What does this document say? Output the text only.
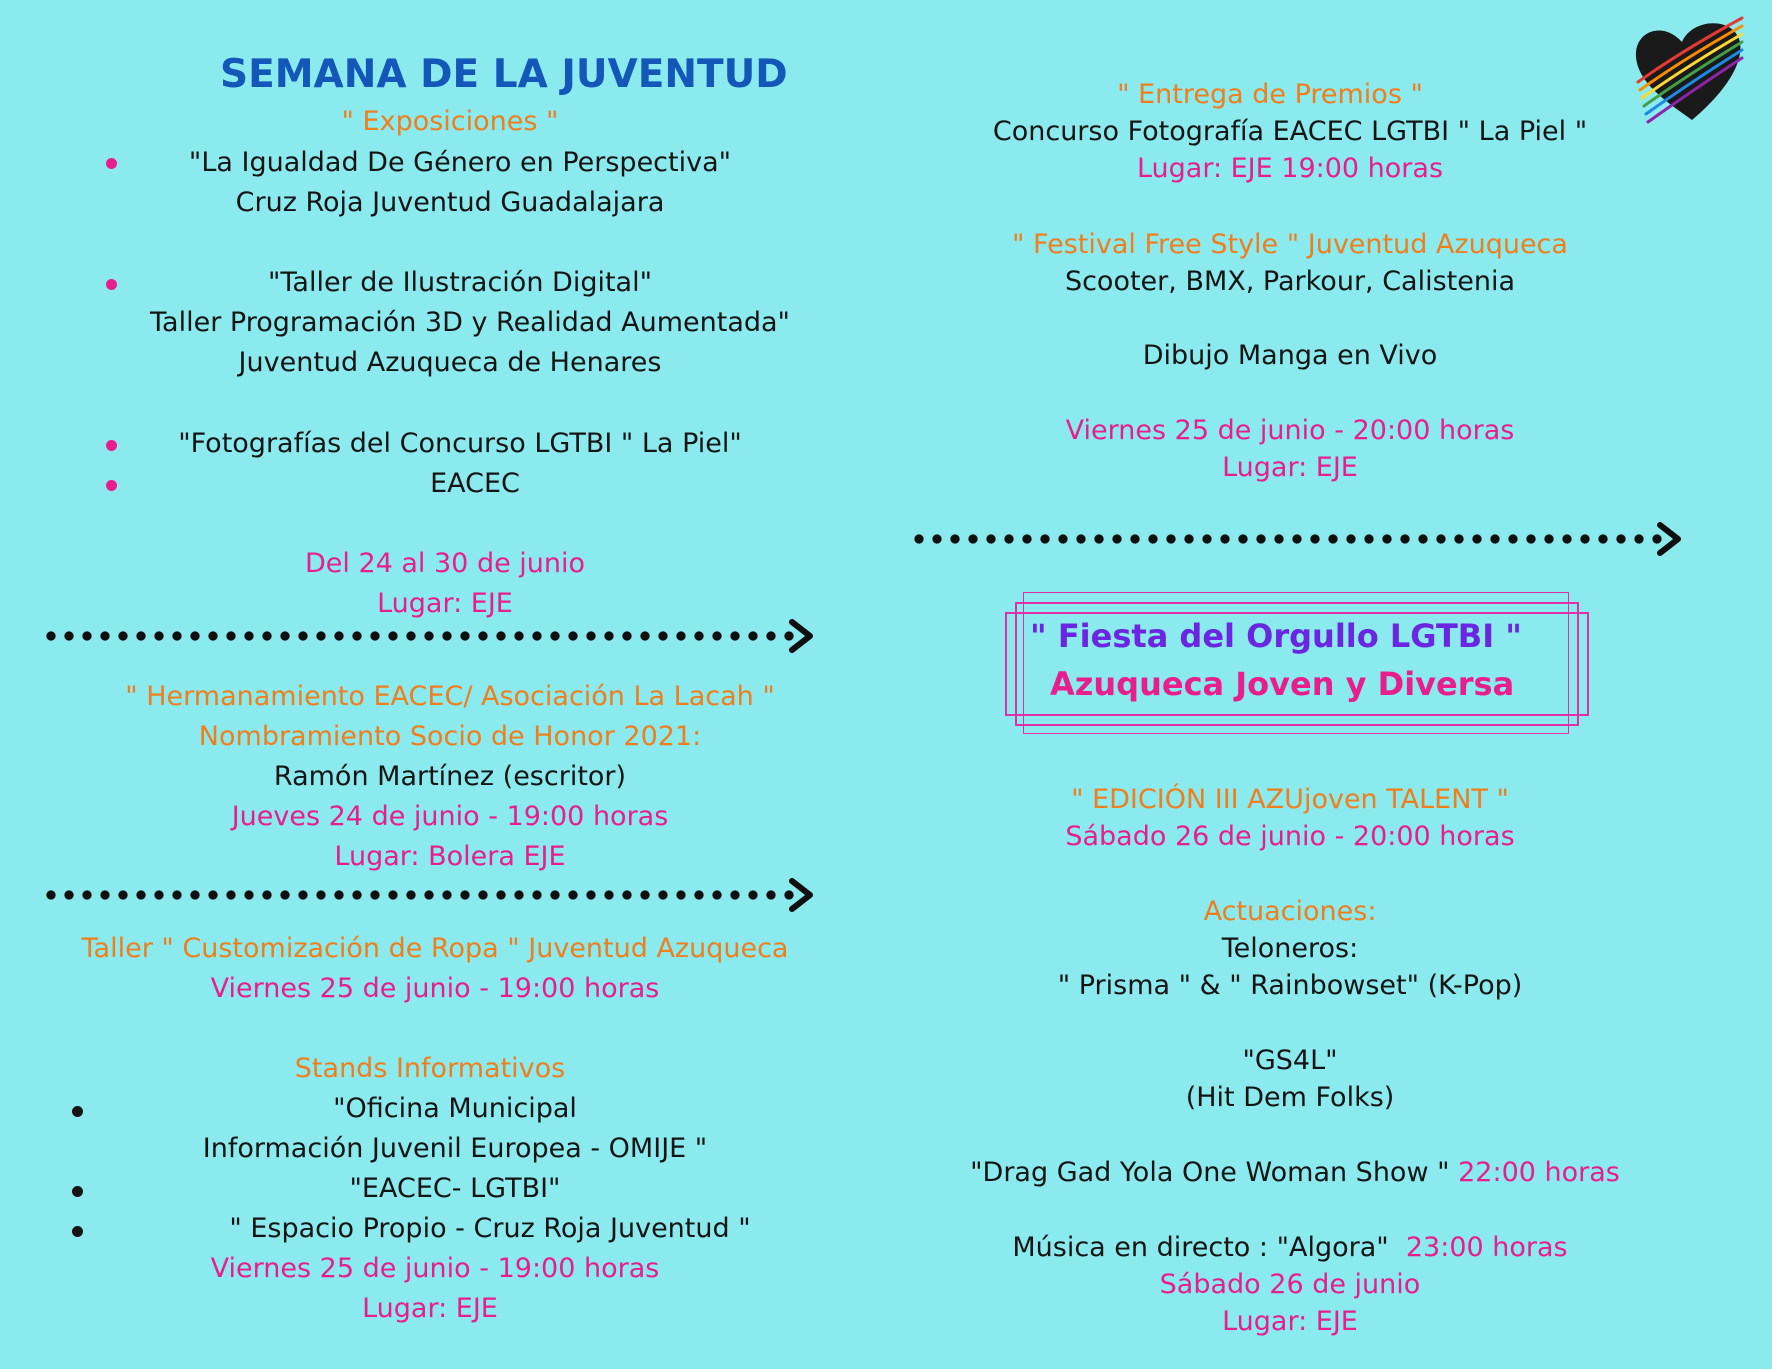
SEMANA DE LA JUVENTUD
" Exposiciones "
"La Igualdad De Género en Perspectiva"
Cruz Roja Juventud Guadalajara
"Taller de Ilustración Digital"
Taller Programación 3D y Realidad Aumentada"
Juventud Azuqueca de Henares
"Fotografías del Concurso LGTBI " La Piel"
EACEC
Del 24 al 30 de junio
Lugar: EJE
" Hermanamiento EACEC/ Asociación La Lacah "
Nombramiento Socio de Honor 2021:
Ramón Martínez (escritor)
Jueves 24 de junio - 19:00 horas
Lugar: Bolera EJE
Taller " Customización de Ropa " Juventud Azuqueca
Viernes 25 de junio - 19:00 horas
Stands Informativos
"Oficina Municipal
Información Juvenil Europea - OMIJE "
"EACEC- LGTBI"
" Espacio Propio - Cruz Roja Juventud "
Viernes 25 de junio - 19:00 horas
Lugar: EJE
" Entrega de Premios "
Concurso Fotografía EACEC LGTBI " La Piel "
Lugar: EJE 19:00 horas
" Festival Free Style " Juventud Azuqueca
Scooter, BMX, Parkour, Calistenia
Dibujo Manga en Vivo
Viernes 25 de junio - 20:00 horas
Lugar: EJE
" Fiesta del Orgullo LGTBI "
Azuqueca Joven y Diversa
" EDICIÓN III AZUjoven TALENT "
Sábado 26 de junio - 20:00 horas
Actuaciones:
Teloneros:
" Prisma " & " Rainbowset" (K-Pop)
"GS4L"
(Hit Dem Folks)
"Drag Gad Yola One Woman Show " 22:00 horas
Música en directo : "Algora"  23:00 horas
Sábado 26 de junio
Lugar: EJE
